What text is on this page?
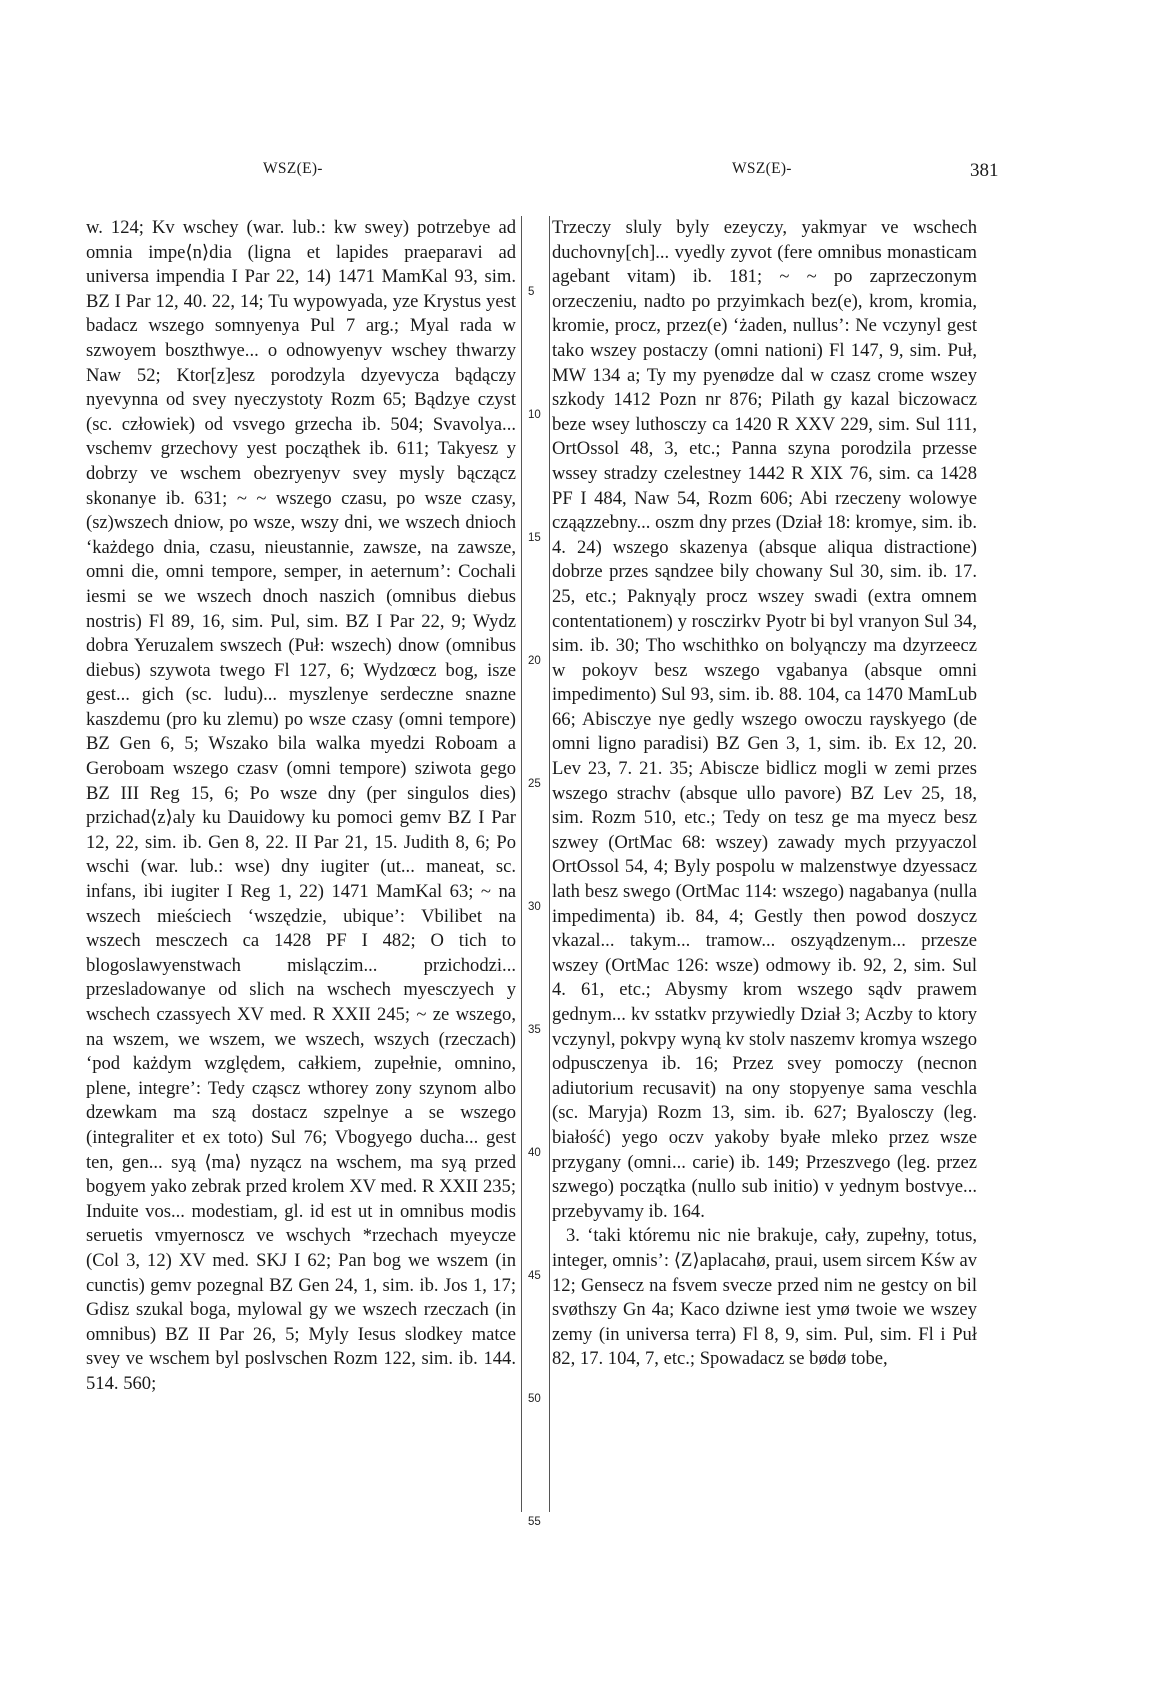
WSZ(E)-	WSZ(E)-	381
5
10
15
20
25
30
35
40
45
50
55

w. 124; Kv wschey (war. lub.: kw swey) potrzebye ad omnia impe⟨n⟩dia (ligna et lapides praeparavi ad universa impendia I Par 22, 14) 1471 MamKal 93, sim. BZ I Par 12, 40. 22, 14; Tu wypowyada, yze Krystus yest badacz wszego somnyenya Pul 7 arg.; Myal rada w szwoyem boszthwye... o odnowyenyv wschey thwarzy Naw 52; Ktor[z]esz porodzyla dzyevycza bądączy nyevynna od svey nyeczystoty Rozm 65; Bądzye czyst (sc. człowiek) od vsvego grzecha ib. 504; Svavolya... vschemv grzechovy yest począthek ib. 611; Takyesz y dobrzy ve wschem obezryenyv svey mysly bączącz skonanye ib. 631; ~ ~ wszego czasu, po wsze czasy, (sz)wszech dniow, po wsze, wszy dni, we wszech dnioch ‘każdego dnia, czasu, nieustannie, zawsze, na zawsze, omni die, omni tempore, semper, in aeternum’: Cochali iesmi se we wszech dnoch naszich (omnibus diebus nostris) Fl 89, 16, sim. Pul, sim. BZ I Par 22, 9; Wydz dobra Yeruzalem swszech (Puł: wszech) dnow (omnibus diebus) szywota twego Fl 127, 6; Wydzœcz bog, isze gest... gich (sc. ludu)... myszlenye serdeczne snazne kaszdemu (pro ku zlemu) po wsze czasy (omni tempore) BZ Gen 6, 5; Wszako bila walka myedzi Roboam a Geroboam wszego czasv (omni tempore) sziwota gego BZ III Reg 15, 6; Po wsze dny (per singulos dies) przichad⟨z⟩aly ku Dauidowy ku pomoci gemv BZ I Par 12, 22, sim. ib. Gen 8, 22. II Par 21, 15. Judith 8, 6; Po wschi (war. lub.: wse) dny iugiter (ut... maneat, sc. infans, ibi iugiter I Reg 1, 22) 1471 MamKal 63; ~ na wszech mieściech ‘wszędzie, ubique’: Vbilibet na wszech mesczech ca 1428 PF I 482; O tich to blogoslawyenstwach mislączim... przichodzi... przesladowanye od slich na wschech myesczyech y wschech czassyech XV med. R XXII 245; ~ ze wszego, na wszem, we wszem, we wszech, wszych (rzeczach) ‘pod każdym względem, całkiem, zupełnie, omnino, plene, integre’: Tedy cząscz wthorey zony szynom albo dzewkam ma szą dostacz szpelnye a se wszego (integraliter et ex toto) Sul 76; Vbogyego ducha... gest ten, gen... syą ⟨ma⟩ nyzącz na wschem, ma syą przed bogyem yako zebrak przed krolem XV med. R XXII 235; Induite vos... modestiam, gl. id est ut in omnibus modis seruetis vmyernoscz ve wschych *rzechach myeycze (Col 3, 12) XV med. SKJ I 62; Pan bog we wszem (in cunctis) gemv pozegnal BZ Gen 24, 1, sim. ib. Jos 1, 17; Gdisz szukal boga, mylowal gy we wszech rzeczach (in omnibus) BZ II Par 26, 5; Myly Iesus slodkey matce svey ve wschem byl poslvschen Rozm 122, sim. ib. 144. 514. 560;

Trzeczy sluly byly ezeyczy, yakmyar ve wschech duchovny[ch]... vyedly zyvot (fere omnibus monasticam agebant vitam) ib. 181; ~ ~ po zaprzeczonym orzeczeniu, nadto po przyimkach bez(e), krom, kromia, kromie, procz, przez(e) ‘żaden, nullus’: Ne vczynyl gest tako wszey postaczy (omni nationi) Fl 147, 9, sim. Puł, MW 134 a; Ty my pyenødze dal w czasz crome wszey szkody 1412 Pozn nr 876; Pilath gy kazal biczowacz beze wsey luthosczy ca 1420 R XXV 229, sim. Sul 111, OrtOssol 48, 3, etc.; Panna szyna porodzila przesse wssey stradzy czelestney 1442 R XIX 76, sim. ca 1428 PF I 484, Naw 54, Rozm 606; Abi rzeczeny wolowye cząązzebny... oszm dny przes (Dział 18: kromye, sim. ib. 4. 24) wszego skazenya (absque aliqua distractione) dobrze przes sąndzee bily chowany Sul 30, sim. ib. 17. 25, etc.; Paknyąly procz wszey swadi (extra omnem contentationem) y rosczirkv Pyotr bi byl vranyon Sul 34, sim. ib. 30; Tho wschithko on bolyąnczy ma dzyrzeecz w pokoyv besz wszego vgabanya (absque omni impedimento) Sul 93, sim. ib. 88. 104, ca 1470 MamLub 66; Abisczye nye gedly wszego owoczu rayskyego (de omni ligno paradisi) BZ Gen 3, 1, sim. ib. Ex 12, 20. Lev 23, 7. 21. 35; Abiscze bidlicz mogli w zemi przes wszego strachv (absque ullo pavore) BZ Lev 25, 18, sim. Rozm 510, etc.; Tedy on tesz ge ma myecz besz szwey (OrtMac 68: wszey) zawady mych przyyaczol OrtOssol 54, 4; Byly pospolu w malzenstwye dzyessacz lath besz swego (OrtMac 114: wszego) nagabanya (nulla impedimenta) ib. 84, 4; Gestly then powod doszycz vkazal... takym... tramow... oszyądzenym... przesze wszey (OrtMac 126: wsze) odmowy ib. 92, 2, sim. Sul 4. 61, etc.; Abysmy krom wszego sądv prawem gednym... kv sstatkv przywiedly Dział 3; Aczby to ktory vczynyl, pokvpy wyną kv stolv naszemv kromya wszego odpusczenya ib. 16; Przez svey pomoczy (necnon adiutorium recusavit) na ony stopyenye sama veschla (sc. Maryja) Rozm 13, sim. ib. 627; Byalosczy (leg. białość) yego oczv yakoby byałe mleko przez wsze przygany (omni... carie) ib. 149; Przeszvego (leg. przez szwego) początka (nullo sub initio) v yednym bostvye... przebyvamy ib. 164.

3. ‘taki któremu nic nie brakuje, cały, zupełny, totus, integer, omnis’: ⟨Z⟩aplacahø, praui, usem sircem Kśw av 12; Gensecz na fsvem svecze przed nim ne gestcy on bil svøthszy Gn 4a; Kaco dziwne iest ymø twoie we wszey zemy (in universa terra) Fl 8, 9, sim. Pul, sim. Fl i Puł 82, 17. 104, 7, etc.; Spowadacz se bødø tobe,
